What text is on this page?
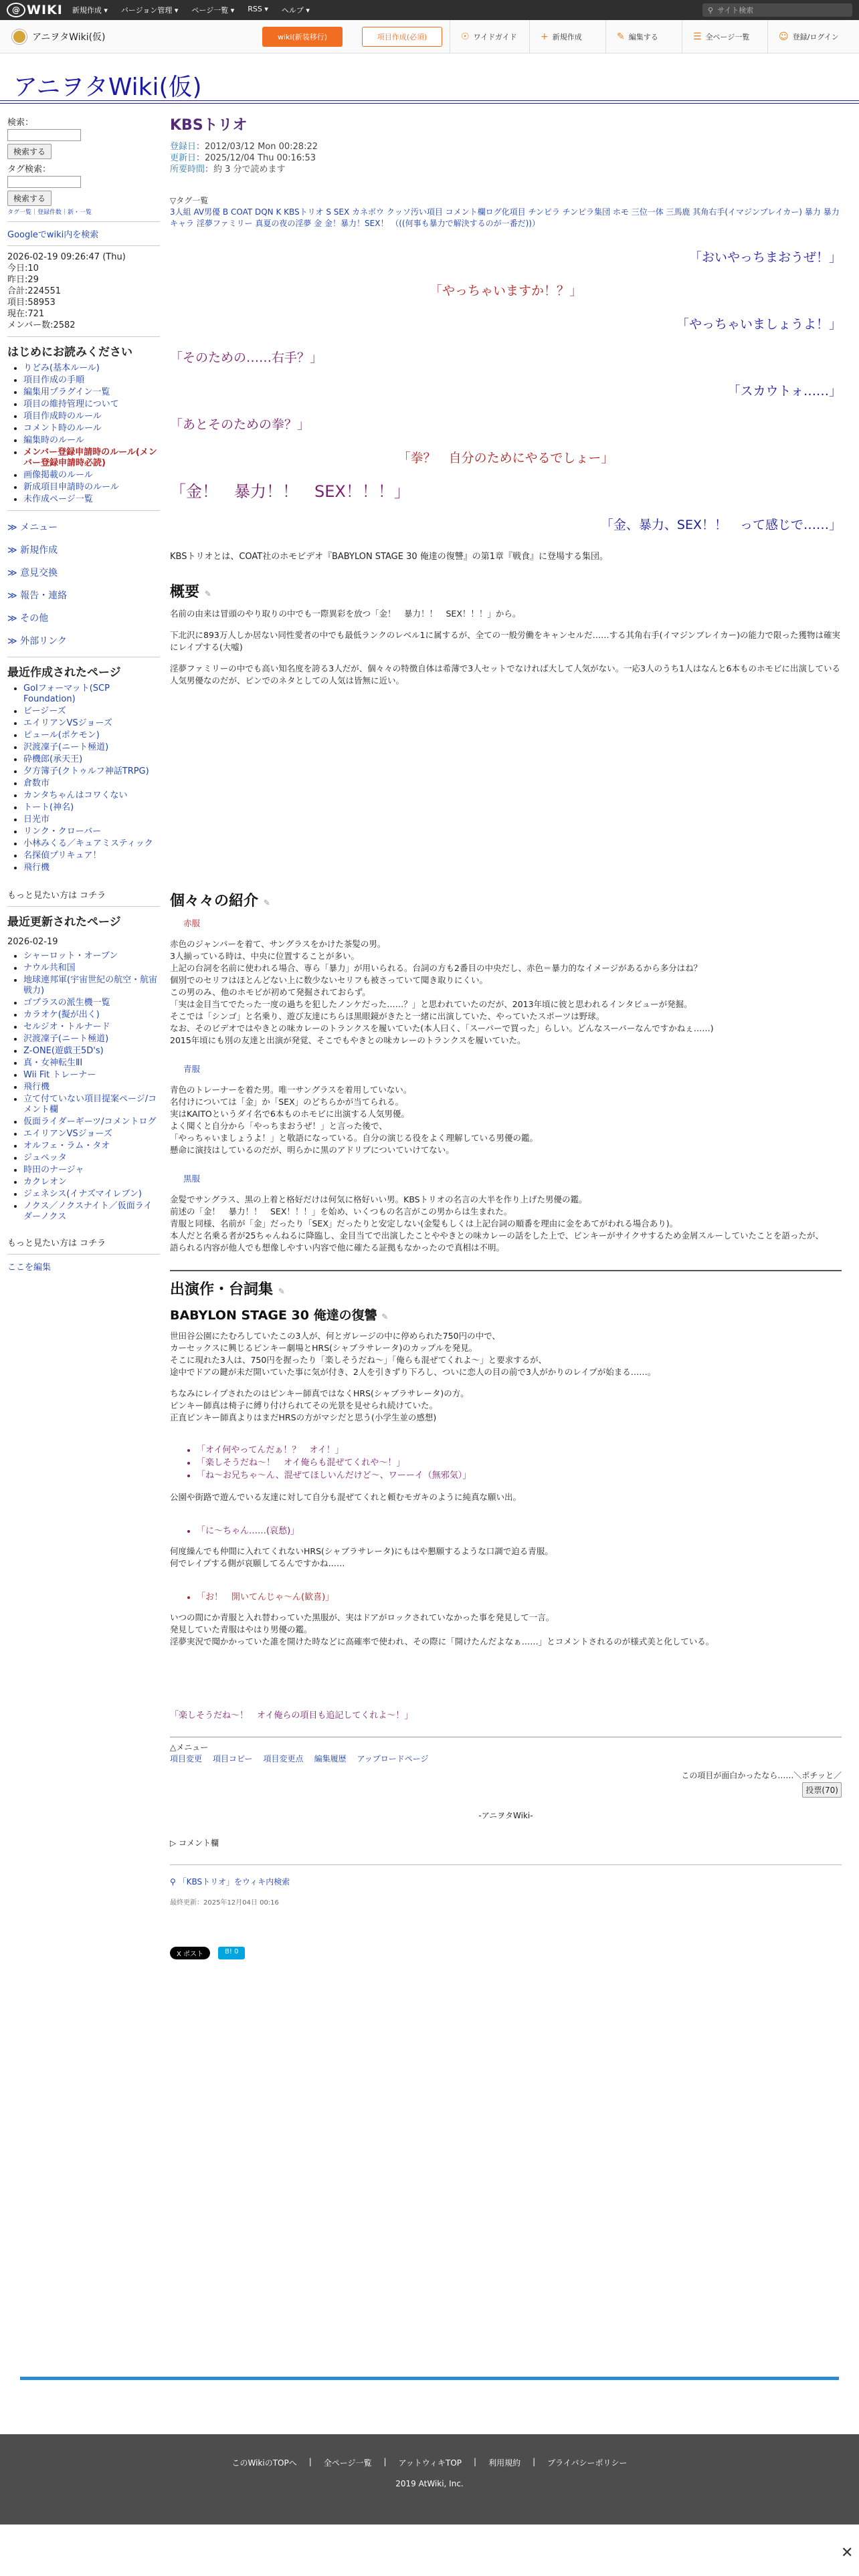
@ WIKI 新規作成 ▾ バージョン管理 ▾ ページ一覧 ▾ RSS ▾ ヘルプ ▾	⚲ サイト検索
アニヲタWiki(仮)	wiki(新装移行)	項目作成(必須)	☉ ワイドガイド	+ 新規作成	✎ 編集する	☰ 全ページ一覧	☺ 登録/ログイン
アニヲタWiki(仮)
検索：
検索する
タグ検索：
検索する
タグ一覧｜登録件数｜新・一覧
Googleでwiki内を検索
2026-02-19 09:26:47 (Thu)
今日:10
昨日:29
合計:224551
項目:58953
現在:721
メンバー数:2582
はじめにお読みください
• りどみ(基本ルール)
• 項目作成の手順
• 編集用プラグイン一覧
• 項目の維持管理について
• 項目作成時のルール
• コメント時のルール
• 編集時のルール
• メンバー登録申請時のルール(メンバー登録申請時必読)
• 画像掲載のルール
• 新成項目申請時のルール
• 未作成ページ一覧
≫ メニュー
≫ 新規作成
≫ 意見交換
≫ 報告・連絡
≫ その他
≫ 外部リンク
最近作成されたページ
• GoIフォーマット(SCP Foundation)
• ビージーズ
• エイリアンVSジョーズ
• ピュール(ポケモン)
• 沢渡凜子(ニート極道)
• 砕機郎(承天王)
• 夕方簿子(クトゥルフ神話TRPG)
• 倉数市
• カンタちゃんはコワくない
• トート(神名)
• 日光市
• リンク・クローバー
• 小林みくる／キュアミスティック
• 名探偵プリキュア！
• 飛行機
もっと見たい方は コチラ
最近更新されたページ
2026-02-19
• シャーロット・オーブン
• ナウル共和国
• 地球連邦軍(宇宙世紀の航空・航宙戦力)
• ゴプラスの派生機一覧
• カラオケ(擬が出く)
• セルジオ・トルナード
• 沢渡凜子(ニート極道)
• Z-ONE(遊戯王5D's)
• 真・女神転生ⅡⅠ
• Wii Fit トレーナー
• 飛行機
• 立て付ていない項目提案ページ/コメント欄
• 仮面ライダーギーツ/コメントログ
• エイリアンVSジョーズ
• オルフェ・ラム・タオ
• ジュペッタ
• 時田のナージャ
• カクレオン
• ジェネシス(イナズマイレブン)
• ノクス／ノクスナイト／仮面ライダーノクス
もっと見たい方は コチラ
ここを編集
KBSトリオ
登録日：2012/03/12 Mon 00:28:22
更新日：2025/12/04 Thu 00:16:53
所要時間：約 3 分で読めます
▽タグ一覧
3人組 AV男優 B COAT DQN K KBSトリオ S SEX カネボウ クッソ汚い項目 コメント欄ログ化項目 チンピラ チンピラ集団 ホモ 三位一体 三馬鹿 其角右手(イマジンブレイカー) 暴力 暴力キャラ 淫夢ファミリー 真夏の夜の淫夢 金 金！暴力！SEX！ （((何事も暴力で解決するのが一番だ))）
「おいやっちまおうぜ！」
「やっちゃいますか！？」
「やっちゃいましょうよ！」
「そのための……右手？」
「スカウトォ……」
「あとそのための拳？」
「拳？　自分のためにやるでしょー」
「金！　暴力！！　SEX！！！」
「金、暴力、SEX！！　って感じで……」
KBSトリオとは、COAT社のホモビデオ『BABYLON STAGE 30 俺達の復讐』の第1章『戦食』に登場する集団。
概要 ✎
名前の由来は冒頭のやり取りの中でも一際異彩を放つ「金！　暴力！！　SEX！！！」から。
下北沢に893万人しか居ない同性愛者の中でも最低ランクのレベル1に属するが、全ての一般労働をキャンセルだ……する其角右手(イマジンブレイカー)の能力で限った獲物は確実にレイプする(大嘘)
淫夢ファミリーの中でも高い知名度を誇る3人だが、個々々の特徴自体は希薄で3人セットでなければ大して人気がない。一応3人のうち1人はなんと6本ものホモビに出演している人気男優なのだが、ピンでのネタとしての人気は皆無に近い。
個々々の紹介 ✎
赤服
赤色のジャンパーを着て、サングラスをかけた茶髪の男。
3人揃っている時は、中央に位置することが多い。
上記の台詞を名前に使われる場合、専ら「暴力」が用いられる。台詞の方も2番目の中央だし、赤色＝暴力的なイメージがあるから多分はね？
個別でのセリフはほとんどない上に数少ないセリフも被さっていて聞き取りにくい。
この男のみ、他のホモビが初めて発掘されておらず。
「実は金目当てでたった一度の過ちを犯したノンケだった……？」と思われていたのだが、2013年頃に彼と思われるインタビューが発掘。
そこでは「シンゴ」と名乗り、遊び友達にちらほ黒眼鏡がきたと一緒に出演していた、やっていたスポーツは野球。
なお、そのビデオではやきとの味カレーのトランクスを履いていた(本人曰く、「スーパーで買った」らしい。どんなスーパーなんですかねぇ……)
2015年頃にも別の友達と出演が発覚、そこでもやきとの味カレーのトランクスを履いていた。
青服
青色のトレーナーを着た男。唯一サングラスを着用していない。
名付けについては「金」か「SEX」のどちらかが当てられる。
実はKAITOというダイ名で6本ものホモビに出演する人気男優。
よく聞くと自分から「やっちまおうぜ！」と言った後で、
「やっちゃいましょうよ！」と敬語になっている。自分の演じる役をよく理解している男優の鑑。
懸命に演技はしているのだが、明らかに黒のアドリブについていけてない。
黒服
金髪でサングラス、黒の上着と格好だけは何気に格好いい男。KBSトリオの名言の大半を作り上げた男優の鑑。
前述の「金！　暴力！！　SEX！！！」を始め、いくつもの名言がこの男からは生まれた。
青服と同様、名前が「金」だったり「SEX」だったりと安定しない(金髪もしくは上記台詞の順番を理由に金をあてがわれる場合あり)。
本人だと名乗る者が25ちゃんねるに降臨し、金目当てで出演したことややきとの味カレーの話をした上で、ビンキーがサイクサするため金屑スルーしていたことを語ったが、
語られる内容が他人でも想像しやすい内容で他に確たる証拠もなかったので真相は不明。
出演作・台詞集 ✎
BABYLON STAGE 30 俺達の復讐 ✎
世田谷公園にたむろしていたこの3人が、何とガレージの中に停められた750円の中で、
カーセックスに興じるピンキー劇場とHRS(シャブラサレータ)のカップルを発見。
そこに現れた3人は、750円を握ったり「楽しそうだね〜」「俺らも混ぜてくれよ〜」と要求するが、
途中でドアの鍵が未だ開いていた事に気が付き、2人を引きずり下ろし、ついに恋人の目の前で3人がかりのレイプが始まる……。
ちなみにレイプされたのはピンキー師真ではなくHRS(シャブラサレータ)の方。
ピンキー師真は椅子に縛り付けられてその光景を見せられ続けていた。
正直ピンキー師真よりはまだHRSの方がマシだと思う(小学生並の感想)
• 「オイ何やってんだぁ！？　オイ！」
• 「楽しそうだね〜！　オイ俺らも混ぜてくれや〜！」
• 「ね〜お兄ちゃ〜ん、混ぜてほしいんだけど〜、ワーーイ（無邪気）」
公園や街路で遊んでいる友達に対して自分も混ぜてくれと頼むモガキのように純真な願い出。
• 「に〜ちゃん……(哀愁)」
何度繰んでも仲間に入れてくれないHRS(シャブラサレータ)にもはや懇願するような口調で迫る青服。
何でレイプする側が哀願してるんですかね……
• 「お！　開いてんじゃ〜ん(歓喜)」
いつの間にか青服と入れ替わっていた黒服が、実はドアがロックされていなかった事を発見して一言。
発見していた青服はやはり男優の鑑。
淫夢実況で聞かかっていた誰を開けた時などに高確率で使われ、その際に「開けたんだよなぁ……」とコメントされるのが様式美と化している。
「楽しそうだね〜！　オイ俺らの項目も追記してくれよ〜！」
△メニュー
項目変更 項目コピー 項目変更点 編集履歴 アップロードページ
この項目が面白かったなら……＼ポチッと／
投票(70)
-アニヲタWiki-
▷ コメント欄
⚲ 「KBSトリオ」をウィキ内検索
最終更新：2025年12月04日 00:16
X ポスト	B! 0
このWikiのTOPへ | 全ページ一覧 | アットウィキTOP | 利用規約 | プライバシーポリシー
2019 AtWiki, Inc.
✕
